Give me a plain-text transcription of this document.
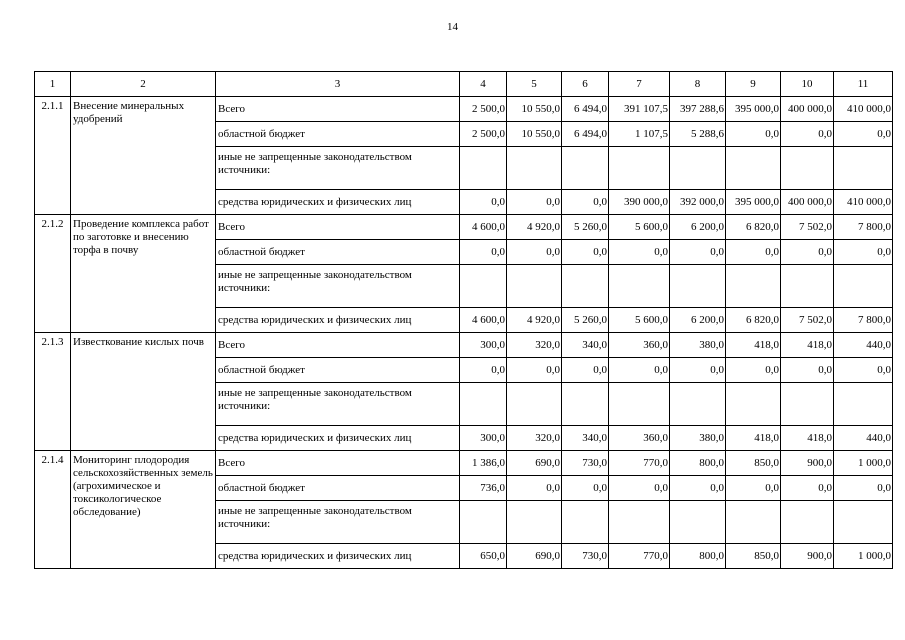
14
1	2	3	4	5	6	7	8	9	10	11
2.1.1	Внесение минеральных удобрений	Всего	2 500,0	10 550,0	6 494,0	391 107,5	397 288,6	395 000,0	400 000,0	410 000,0
		областной бюджет	2 500,0	10 550,0	6 494,0	1 107,5	5 288,6	0,0	0,0	0,0
		иные не запрещенные законодательством источники:								
		средства юридических и физических лиц	0,0	0,0	0,0	390 000,0	392 000,0	395 000,0	400 000,0	410 000,0
2.1.2	Проведение комплекса работ по заготовке и внесению торфа в почву	Всего	4 600,0	4 920,0	5 260,0	5 600,0	6 200,0	6 820,0	7 502,0	7 800,0
		областной бюджет	0,0	0,0	0,0	0,0	0,0	0,0	0,0	0,0
		иные не запрещенные законодательством источники:								
		средства юридических и физических лиц	4 600,0	4 920,0	5 260,0	5 600,0	6 200,0	6 820,0	7 502,0	7 800,0
2.1.3	Известкование кислых почв	Всего	300,0	320,0	340,0	360,0	380,0	418,0	418,0	440,0
		областной бюджет	0,0	0,0	0,0	0,0	0,0	0,0	0,0	0,0
		иные не запрещенные законодательством источники:								
		средства юридических и физических лиц	300,0	320,0	340,0	360,0	380,0	418,0	418,0	440,0
2.1.4	Мониторинг плодородия сельскохозяйственных земель (агрохимическое и токсикологическое обследование)	Всего	1 386,0	690,0	730,0	770,0	800,0	850,0	900,0	1 000,0
		областной бюджет	736,0	0,0	0,0	0,0	0,0	0,0	0,0	0,0
		иные не запрещенные законодательством источники:								
		средства юридических и физических лиц	650,0	690,0	730,0	770,0	800,0	850,0	900,0	1 000,0
